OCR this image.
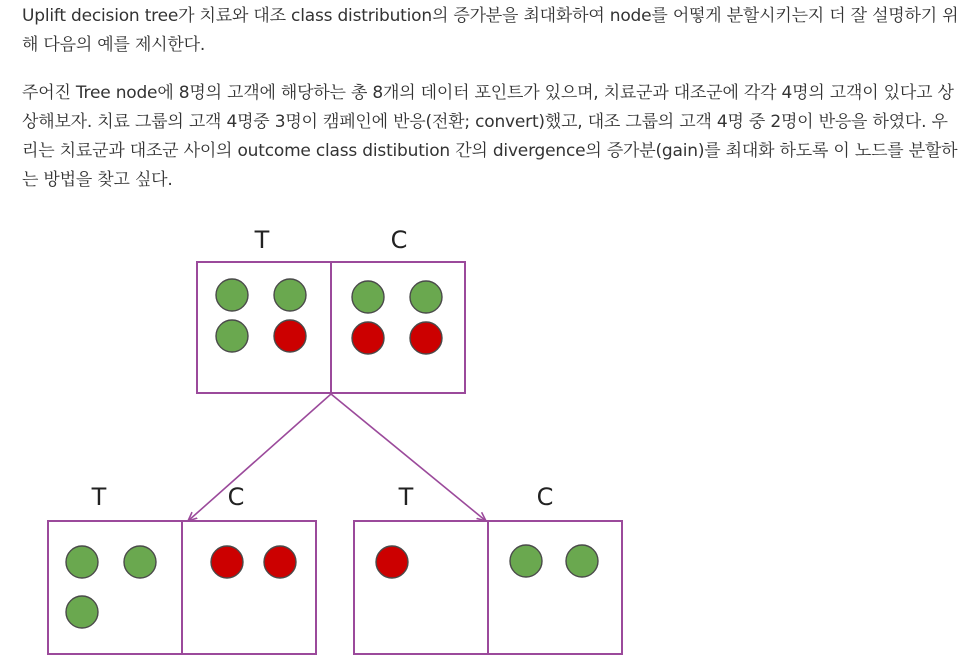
Uplift decision tree가 치료와 대조 class distribution의 증가분을 최대화하여 node를 어떻게 분할시키는지 더 잘 설명하기 위해 다음의 예를 제시한다.

주어진 Tree node에 8명의 고객에 해당하는 총 8개의 데이터 포인트가 있으며, 치료군과 대조군에 각각 4명의 고객이 있다고 상상해보자. 치료 그룹의 고객 4명중 3명이 캠페인에 반응(전환; convert)했고, 대조 그룹의 고객 4명 중 2명이 반응을 하였다. 우리는 치료군과 대조군 사이의 outcome class distibution 간의 divergence의 증가분(gain)를 최대화 하도록 이 노드를 분할하는 방법을 찾고 싶다.

T	C
T	C	T	C
